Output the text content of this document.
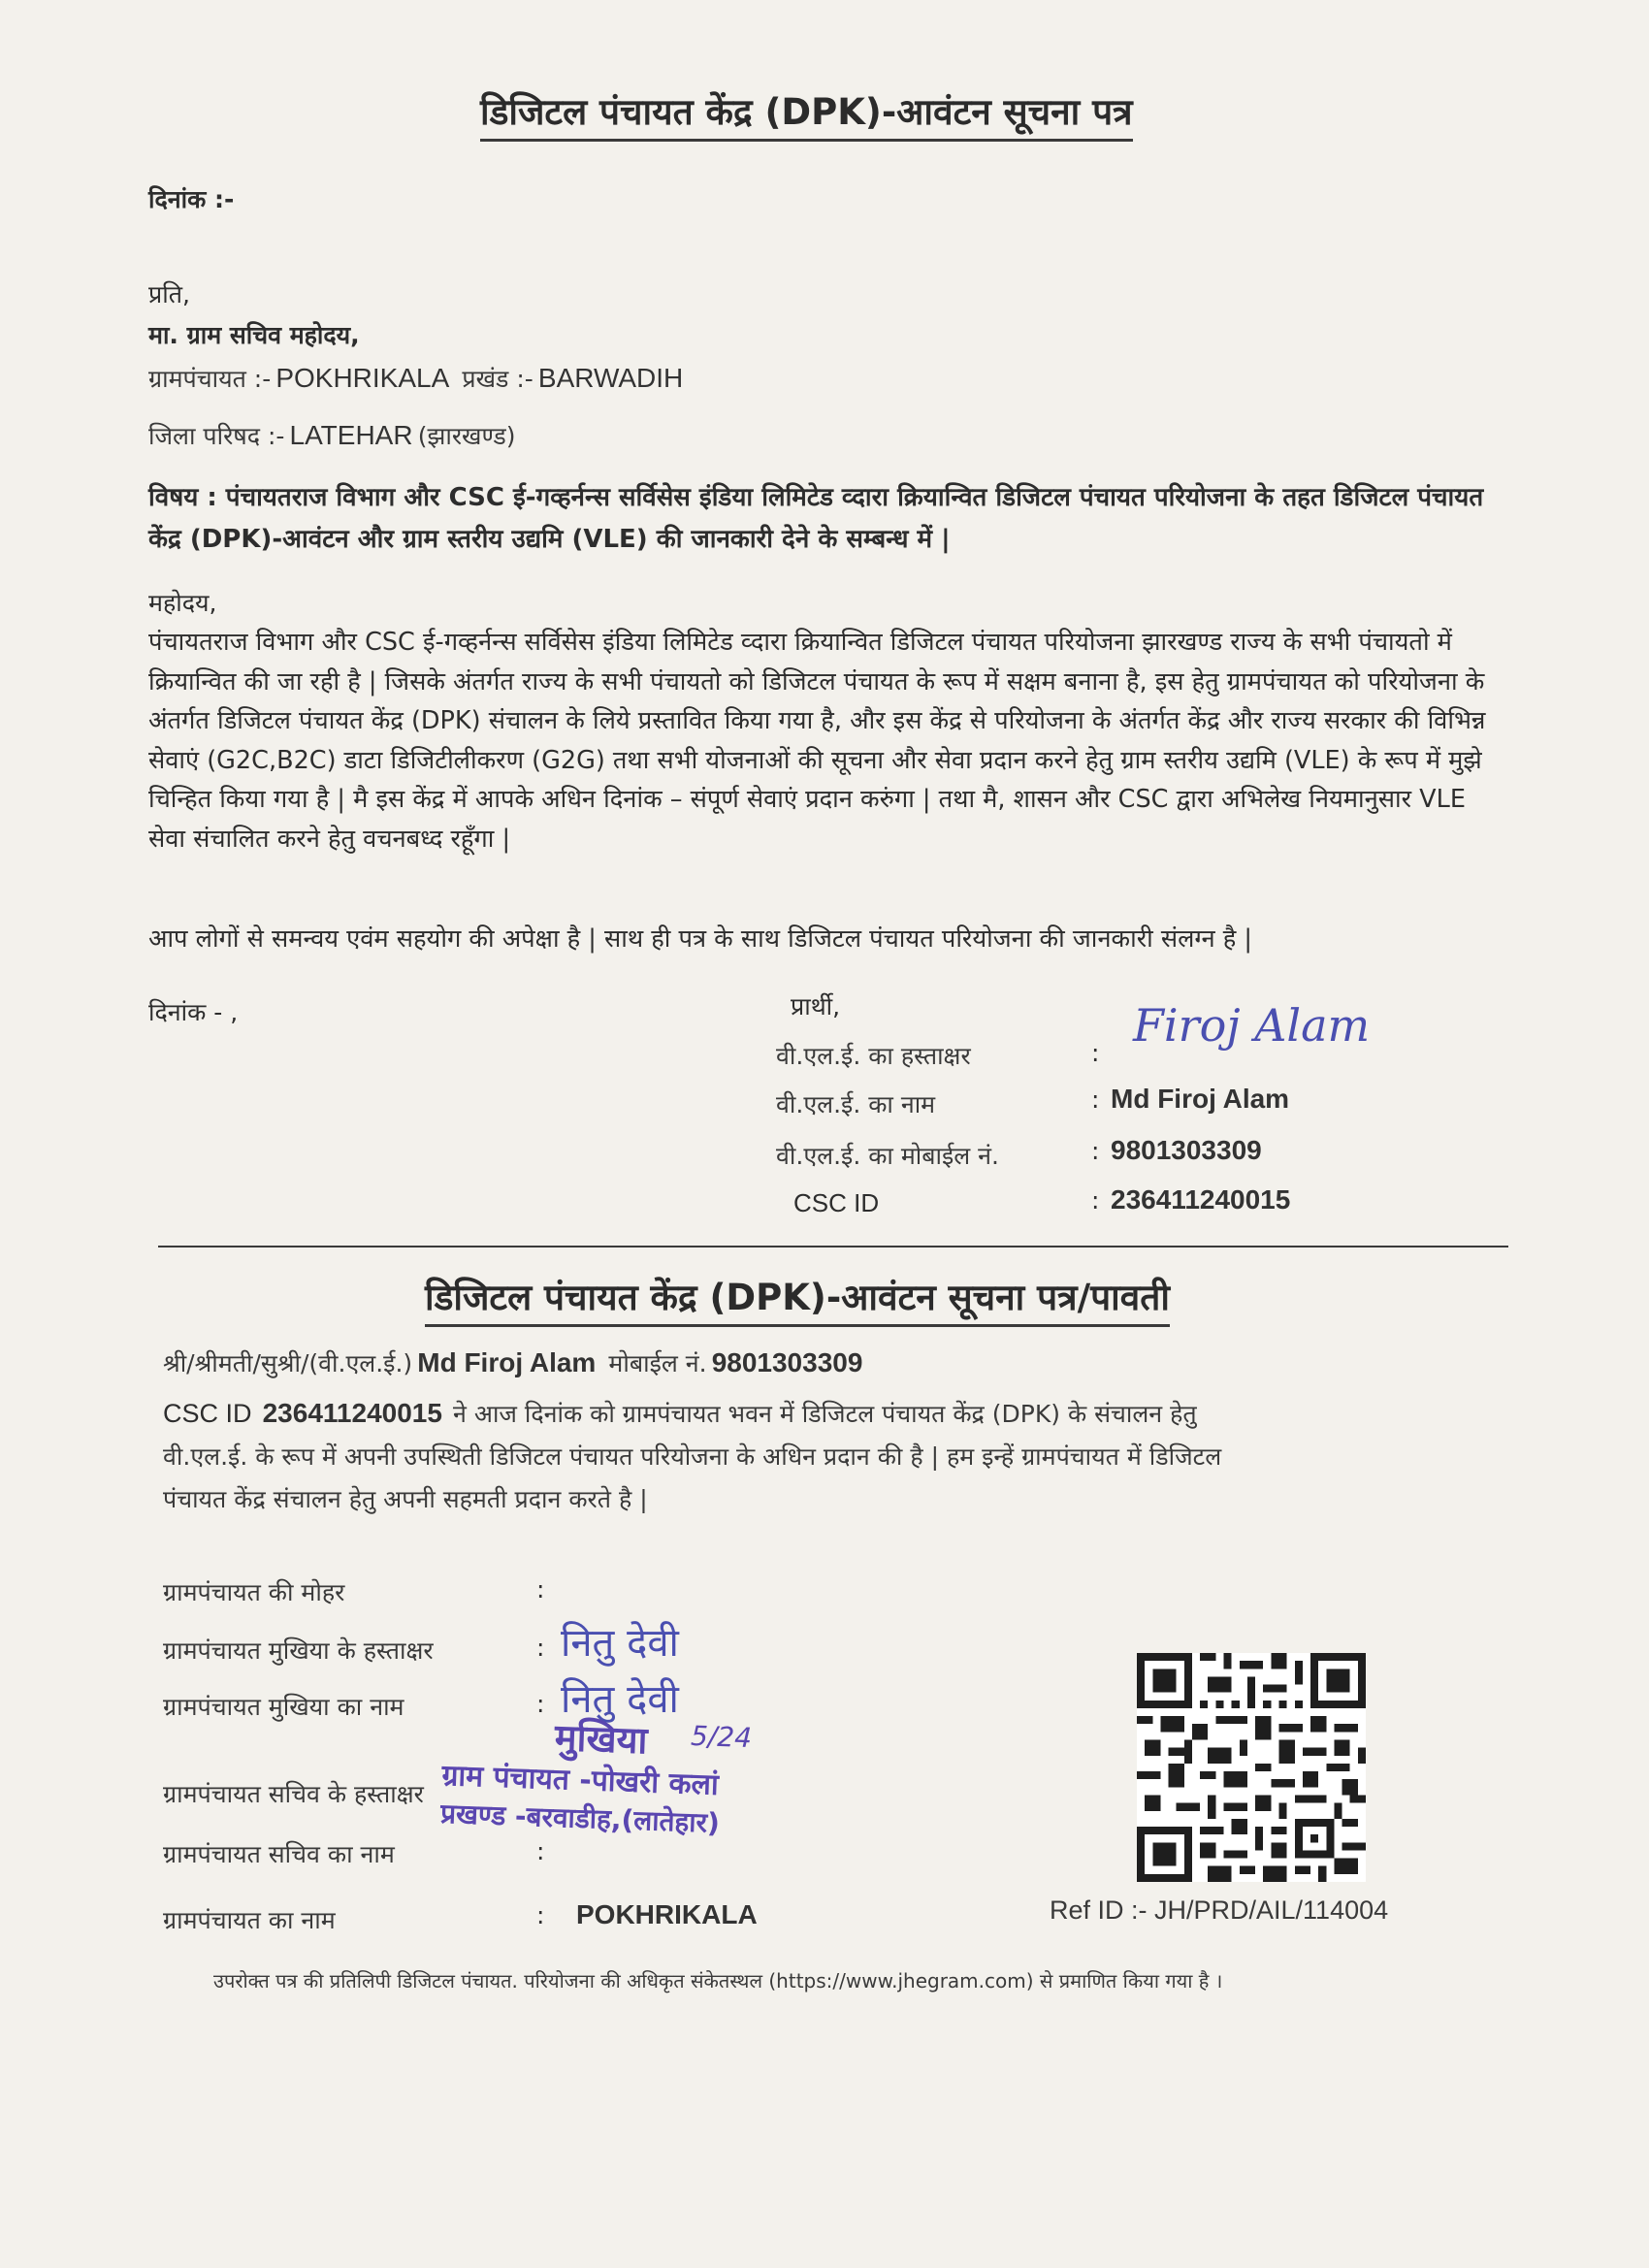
डिजिटल पंचायत केंद्र (DPK)-आवंटन सूचना पत्र
दिनांक :-
प्रति,
मा. ग्राम सचिव महोदय,
ग्रामपंचायत :- POKHRIKALA प्रखंड :- BARWADIH
जिला परिषद :- LATEHAR (झारखण्ड)
विषय : पंचायतराज विभाग और CSC ई-गव्हर्नन्स सर्विसेस इंडिया लिमिटेड व्दारा क्रियान्वित डिजिटल पंचायत परियोजना के तहत डिजिटल पंचायत केंद्र (DPK)-आवंटन और ग्राम स्तरीय उद्यमि (VLE) की जानकारी देने के सम्बन्ध में |
महोदय,
पंचायतराज विभाग और CSC ई-गव्हर्नन्स सर्विसेस इंडिया लिमिटेड व्दारा क्रियान्वित डिजिटल पंचायत परियोजना झारखण्ड राज्य के सभी पंचायतो में क्रियान्वित की जा रही है | जिसके अंतर्गत राज्य के सभी पंचायतो को डिजिटल पंचायत के रूप में सक्षम बनाना है, इस हेतु ग्रामपंचायत को परियोजना के अंतर्गत डिजिटल पंचायत केंद्र (DPK) संचालन के लिये प्रस्तावित किया गया है, और इस केंद्र से परियोजना के अंतर्गत केंद्र और राज्य सरकार की विभिन्न सेवाएं (G2C,B2C) डाटा डिजिटीलीकरण (G2G) तथा सभी योजनाओं की सूचना और सेवा प्रदान करने हेतु ग्राम स्तरीय उद्यमि (VLE) के रूप में मुझे चिन्हित किया गया है | मै इस केंद्र में आपके अधिन दिनांक – संपूर्ण सेवाएं प्रदान करुंगा | तथा मै, शासन और CSC द्वारा अभिलेख नियमानुसार VLE सेवा संचालित करने हेतु वचनबध्द रहूँगा |
आप लोगों से समन्वय एवंम सहयोग की अपेक्षा है | साथ ही पत्र के साथ डिजिटल पंचायत परियोजना की जानकारी संलग्न है |
दिनांक - ,	प्रार्थी,
वी.एल.ई. का हस्ताक्षर	:
Firoj Alam
वी.एल.ई. का नाम	: Md Firoj Alam
वी.एल.ई. का मोबाईल नं.	: 9801303309
CSC ID	: 236411240015
डिजिटल पंचायत केंद्र (DPK)-आवंटन सूचना पत्र/पावती
श्री/श्रीमती/सुश्री/(वी.एल.ई.) Md Firoj Alam मोबाईल नं. 9801303309
CSC ID 236411240015 ने आज दिनांक को ग्रामपंचायत भवन में डिजिटल पंचायत केंद्र (DPK) के संचालन हेतु
वी.एल.ई. के रूप में अपनी उपस्थिती डिजिटल पंचायत परियोजना के अधिन प्रदान की है | हम इन्हें ग्रामपंचायत में डिजिटल
पंचायत केंद्र संचालन हेतु अपनी सहमती प्रदान करते है |
ग्रामपंचायत की मोहर	:
ग्रामपंचायत मुखिया के हस्ताक्षर	: नितु देवी
ग्रामपंचायत मुखिया का नाम	: नितु देवी
ग्रामपंचायत सचिव के हस्ताक्षर
ग्रामपंचायत सचिव का नाम	:
ग्रामपंचायत का नाम	: POKHRIKALA
मुखिया 5/24
ग्राम पंचायत -पोखरी कलां
प्रखण्ड -बरवाडीह,(लातेहार)
Ref ID :- JH/PRD/AIL/114004
उपरोक्त पत्र की प्रतिलिपी डिजिटल पंचायत. परियोजना की अधिकृत संकेतस्थल (https://www.jhegram.com) से प्रमाणित किया गया है ।
